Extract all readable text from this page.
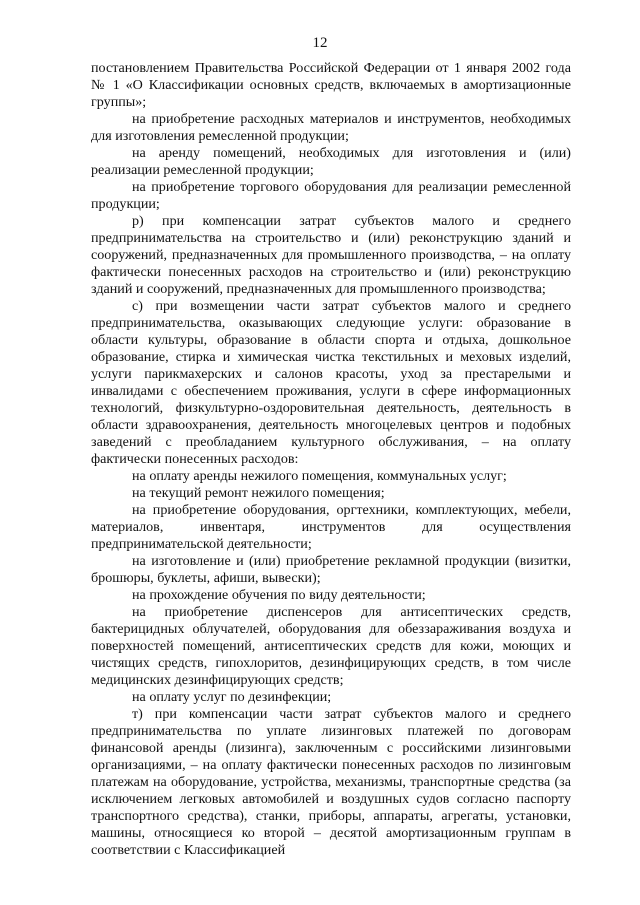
12

постановлением Правительства Российской Федерации от 1 января 2002 года № 1 «О Классификации основных средств, включаемых в амортизационные группы»;

на приобретение расходных материалов и инструментов, необходимых для изготовления ремесленной продукции;

на аренду помещений, необходимых для изготовления и (или) реализации ремесленной продукции;

на приобретение торгового оборудования для реализации ремесленной продукции;

р) при компенсации затрат субъектов малого и среднего предпринимательства на строительство и (или) реконструкцию зданий и сооружений, предназначенных для промышленного производства, – на оплату фактически понесенных расходов на строительство и (или) реконструкцию зданий и сооружений, предназначенных для промышленного производства;

с) при возмещении части затрат субъектов малого и среднего предпринимательства, оказывающих следующие услуги: образование в области культуры, образование в области спорта и отдыха, дошкольное образование, стирка и химическая чистка текстильных и меховых изделий, услуги парикмахерских и салонов красоты, уход за престарелыми и инвалидами с обеспечением проживания, услуги в сфере информационных технологий, физкультурно-оздоровительная деятельность, деятельность в области здравоохранения, деятельность многоцелевых центров и подобных заведений с преобладанием культурного обслуживания, – на оплату фактически понесенных расходов:

на оплату аренды нежилого помещения, коммунальных услуг;

на текущий ремонт нежилого помещения;

на приобретение оборудования, оргтехники, комплектующих, мебели, материалов, инвентаря, инструментов для осуществления предпринимательской деятельности;

на изготовление и (или) приобретение рекламной продукции (визитки, брошюры, буклеты, афиши, вывески);

на прохождение обучения по виду деятельности;

на приобретение диспенсеров для антисептических средств, бактерицидных облучателей, оборудования для обеззараживания воздуха и поверхностей помещений, антисептических средств для кожи, моющих и чистящих средств, гипохлоритов, дезинфицирующих средств, в том числе медицинских дезинфицирующих средств;

на оплату услуг по дезинфекции;

т) при компенсации части затрат субъектов малого и среднего предпринимательства по уплате лизинговых платежей по договорам финансовой аренды (лизинга), заключенным с российскими лизинговыми организациями, – на оплату фактически понесенных расходов по лизинговым платежам на оборудование, устройства, механизмы, транспортные средства (за исключением легковых автомобилей и воздушных судов согласно паспорту транспортного средства), станки, приборы, аппараты, агрегаты, установки, машины, относящиеся ко второй – десятой амортизационным группам в соответствии с Классификацией
